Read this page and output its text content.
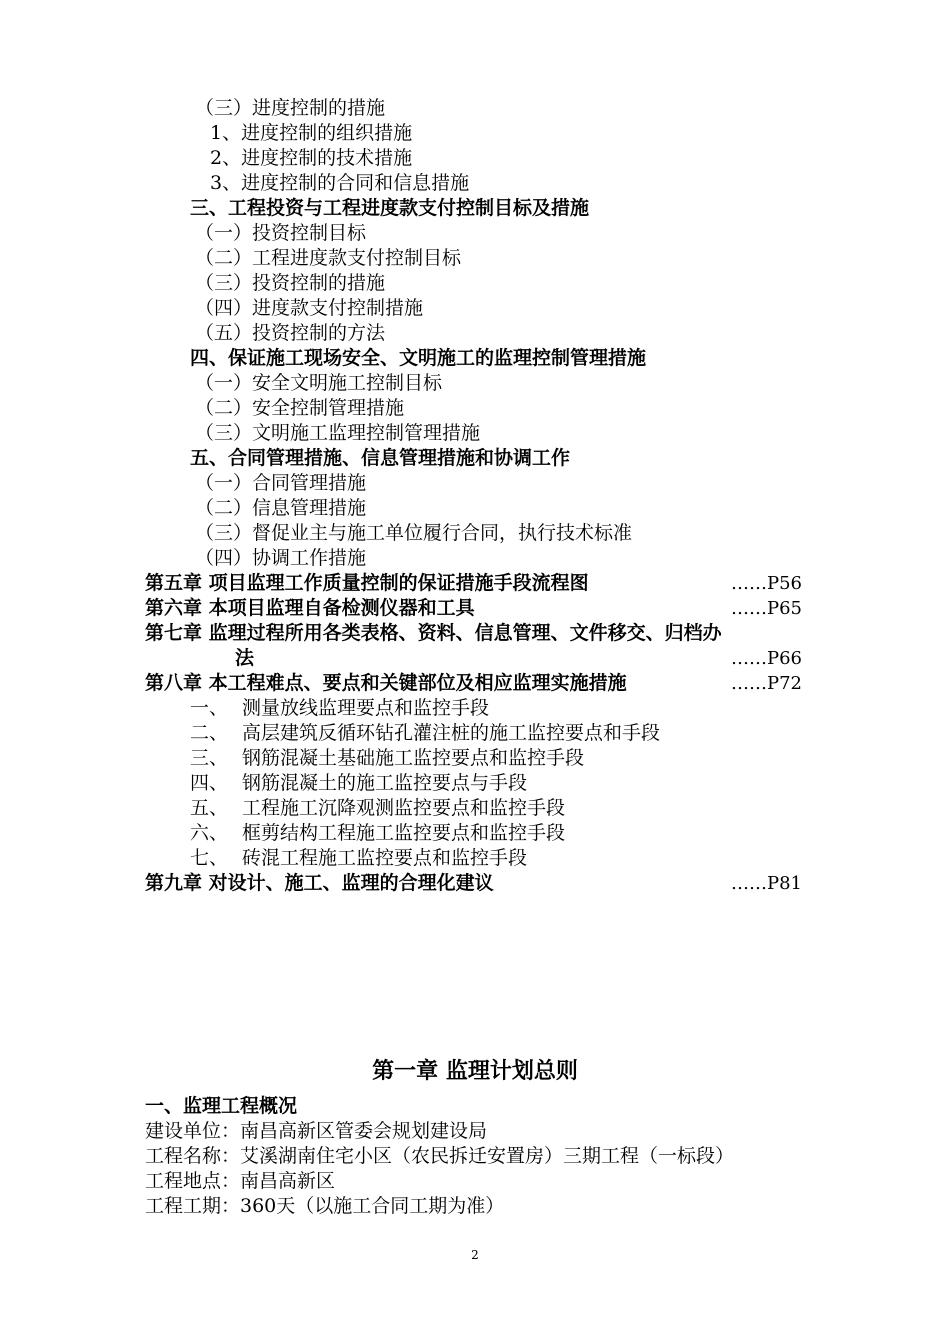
（三）进度控制的措施
1、进度控制的组织措施
2、进度控制的技术措施
3、进度控制的合同和信息措施
三、工程投资与工程进度款支付控制目标及措施
（一）投资控制目标
（二）工程进度款支付控制目标
（三）投资控制的措施
（四）进度款支付控制措施
（五）投资控制的方法
四、保证施工现场安全、文明施工的监理控制管理措施
（一）安全文明施工控制目标
（二）安全控制管理措施
（三）文明施工监理控制管理措施
五、合同管理措施、信息管理措施和协调工作
（一）合同管理措施
（二）信息管理措施
（三）督促业主与施工单位履行合同，执行技术标准
（四）协调工作措施
第五章 项目监理工作质量控制的保证措施手段流程图	……P56
第六章 本项目监理自备检测仪器和工具	……P65
第七章 监理过程所用各类表格、资料、信息管理、文件移交、归档办
法	……P66
第八章 本工程难点、要点和关键部位及相应监理实施措施	……P72
一、 测量放线监理要点和监控手段
二、 高层建筑反循环钻孔灌注桩的施工监控要点和手段
三、 钢筋混凝土基础施工监控要点和监控手段
四、 钢筋混凝土的施工监控要点与手段
五、 工程施工沉降观测监控要点和监控手段
六、 框剪结构工程施工监控要点和监控手段
七、 砖混工程施工监控要点和监控手段
第九章 对设计、施工、监理的合理化建议	……P81
第一章 监理计划总则
一、监理工程概况
建设单位：南昌高新区管委会规划建设局
工程名称：艾溪湖南住宅小区（农民拆迁安置房）三期工程（一标段）
工程地点：南昌高新区
工程工期：360天（以施工合同工期为准）
2
